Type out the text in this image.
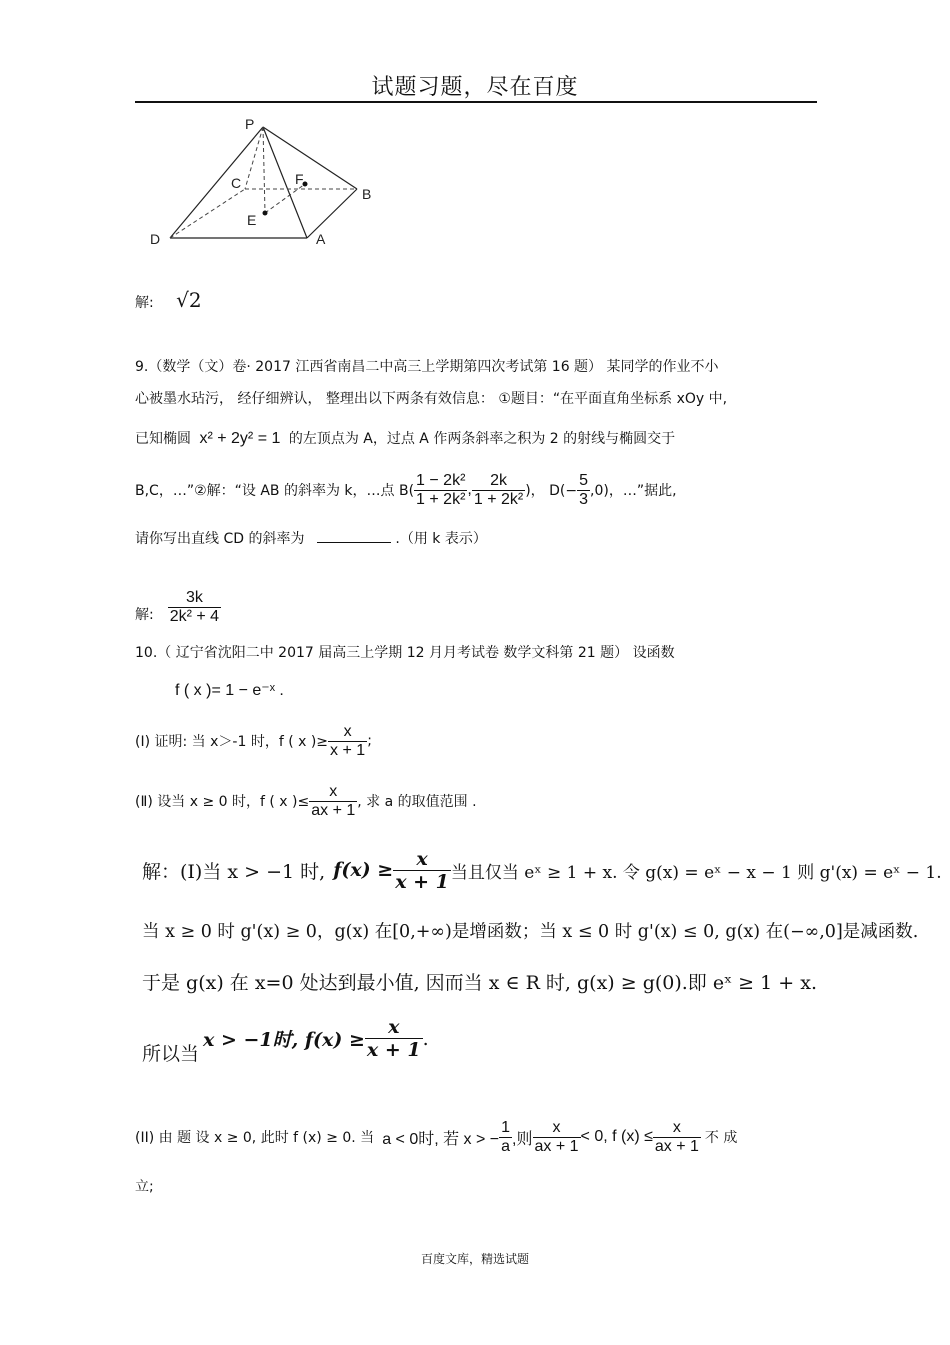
试题习题，尽在百度
P
C	F
B
E
D	A
解: √2
9.（数学（文）卷· 2017 江西省南昌二中高三上学期第四次考试第 16 题） 某同学的作业不小
心被墨水玷污， 经仔细辨认， 整理出以下两条有效信息： ①题目：“在平面直角坐标系 xOy 中,
已知椭圆 x² + 2y² = 1 的左顶点为 A，过点 A 作两条斜率之积为 2 的射线与椭圆交于
B,C，…”②解：“设 AB 的斜率为 k，…点 $B( \frac{\text{1 − 2k²}}{\text{1 + 2k²}}$ , $\frac{2k}{\text{1 + 2k²}}$ )， $D(- \frac{5}{3} ,0)$，…”据此,
请你写出直线 CD 的斜率为	.（用 k 表示）
解: $\frac{3k}{\text{2k² + 4}}$
10.（ 辽宁省沈阳二中 2017 届高三上学期 12 月月考试卷 数学文科第 21 题） 设函数
f ( x )= 1 − e⁻ˣ .
(Ⅰ) 证明: 当 x＞-1 时，f ( x )≥ $\frac{x}{x + 1}$ ;
(Ⅱ) 设当 x ≥ 0 时，f ( x )≤ $\frac{x}{ax + 1}$ , 求 a 的取值范围 .
解：(Ⅰ)当 x > −1 时, $f(x) \ge \frac{x}{x + 1}$ 当且仅当 eˣ ≥ 1 + x. 令 g(x) = eˣ − x − 1 则 g'(x) = eˣ − 1.
当 x ≥ 0 时 g'(x) ≥ 0，g(x) 在[0,+∞)是增函数；当 x ≤ 0 时 g'(x) ≤ 0, g(x) 在(−∞,0]是减函数.
于是 g(x) 在 x=0 处达到最小值, 因而当 x ∈ R 时, g(x) ≥ g(0).即 eˣ ≥ 1 + x.
所以当
x > −1时, $f(x) \ge \frac{x}{x + 1}$ .
(II) 由 题 设 x ≥ 0, 此时 f (x) ≥ 0. 当 a < 0时, 若 x > − $\frac{1}{a}$ ,则 $\frac{x}{ax + 1} < 0$, f $(x) \le \frac{x}{ax + 1}$ 不 成
立;
百度文库，精选试题
